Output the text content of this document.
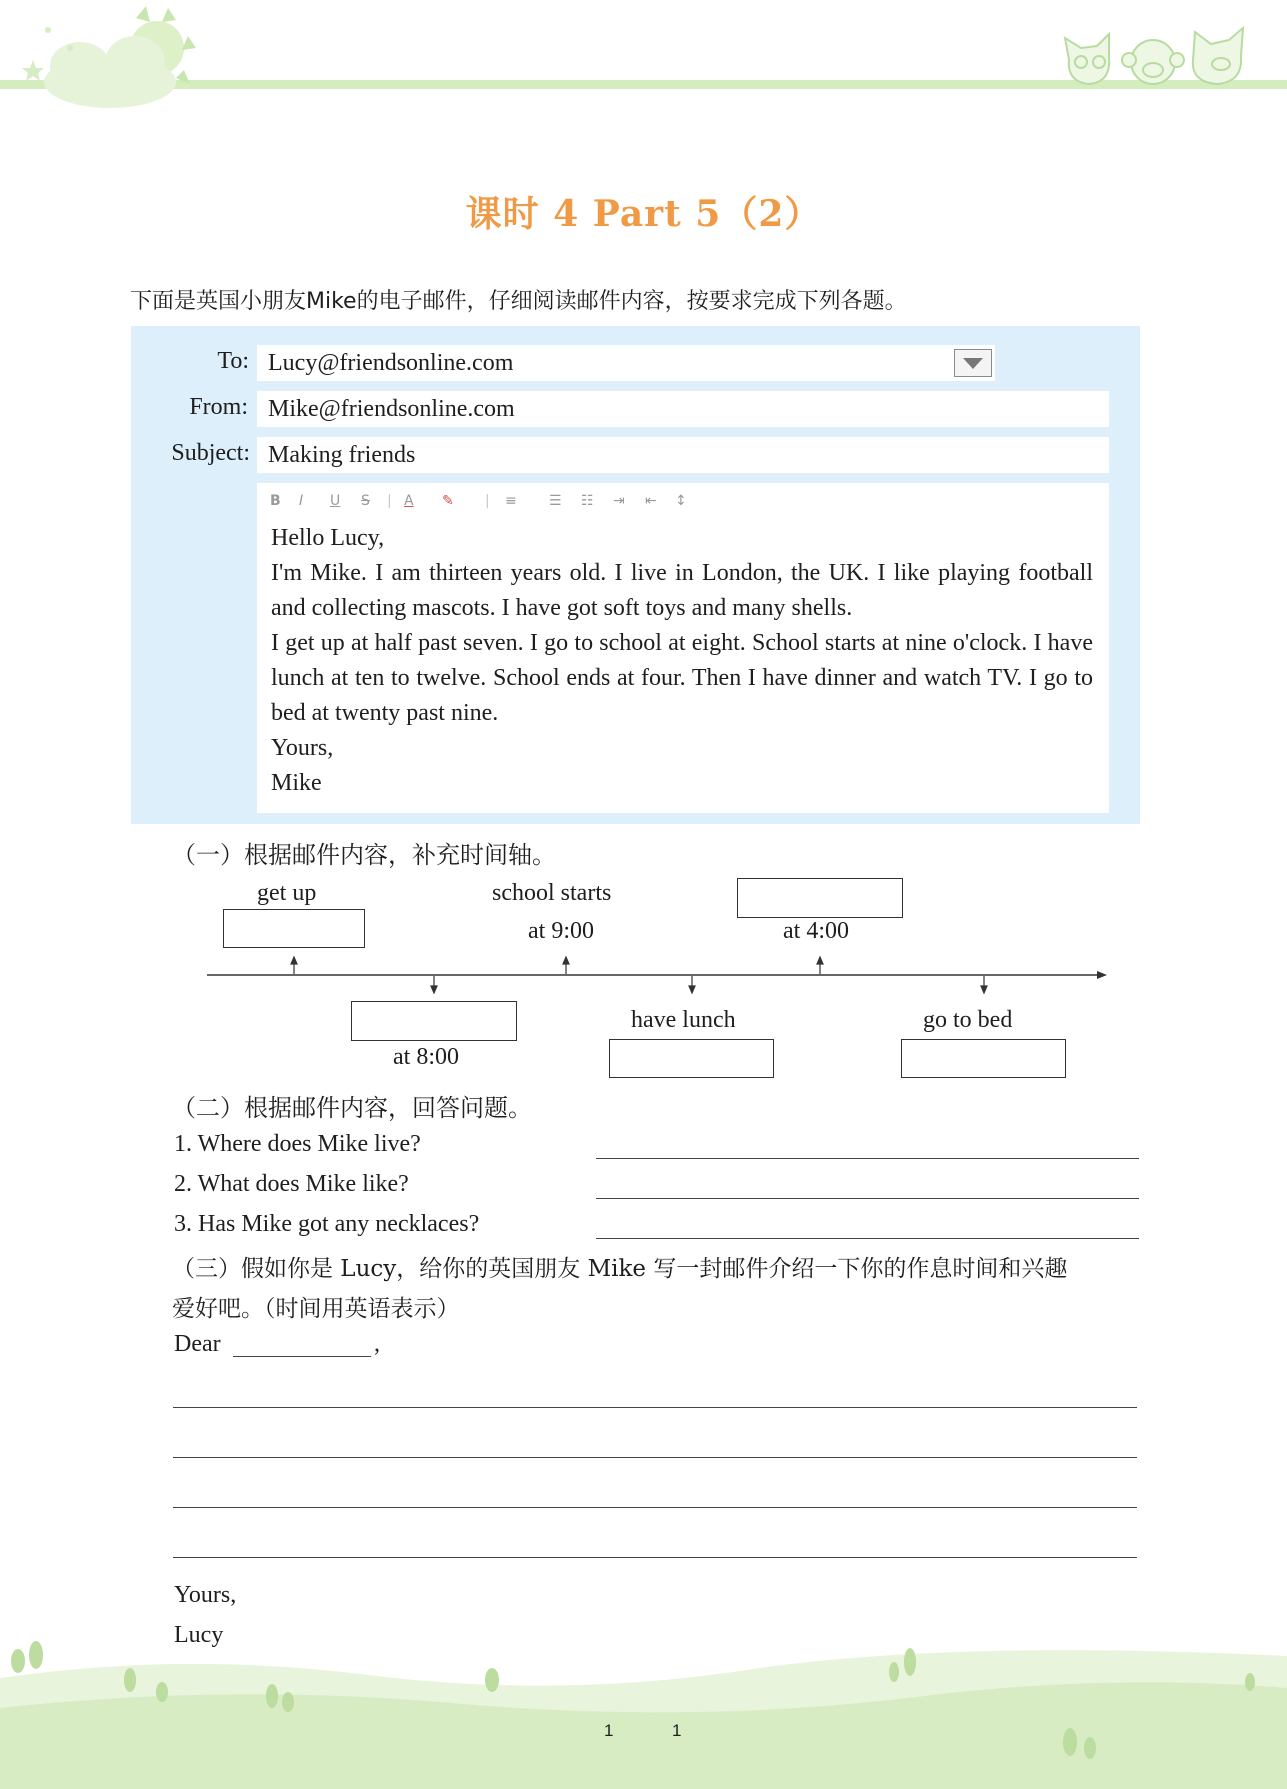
课时 4 Part 5（2）
下面是英国小朋友Mike的电子邮件，仔细阅读邮件内容，按要求完成下列各题。
To: Lucy@friendsonline.com
From: Mike@friendsonline.com
Subject: Making friends
B I U S | A ✎ | ≡ ☰ ☷ ⇥ ⇤ ↕

Hello Lucy,

I'm Mike. I am thirteen years old. I live in London, the UK. I like playing football and collecting mascots. I have got soft toys and many shells.

I get up at half past seven. I go to school at eight. School starts at nine o'clock. I have lunch at ten to twelve. School ends at four. Then I have dinner and watch TV. I go to bed at twenty past nine.

Yours,

Mike

（一）根据邮件内容，补充时间轴。
get up	school starts
at 9:00	at 4:00
at 8:00
have lunch	go to bed
（二）根据邮件内容，回答问题。
1. Where does Mike live?
2. What does Mike like?
3. Has Mike got any necklaces?
（三）假如你是 Lucy，给你的英国朋友 Mike 写一封邮件介绍一下你的作息时间和兴趣
爱好吧。（时间用英语表示）
Dear	,
Yours,
Lucy
1	1
